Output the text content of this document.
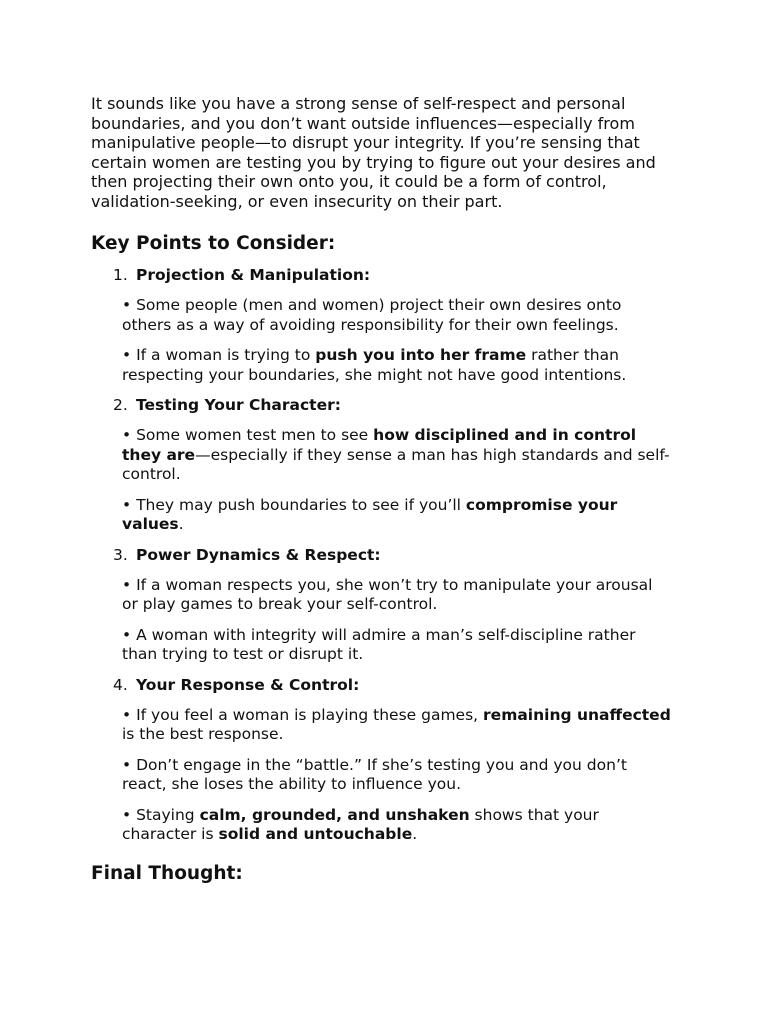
It sounds like you have a strong sense of self-respect and personal boundaries, and you don’t want outside influences—especially from manipulative people—to disrupt your integrity. If you’re sensing that certain women are testing you by trying to figure out your desires and then projecting their own onto you, it could be a form of control, validation-seeking, or even insecurity on their part.

Key Points to Consider:
1. Projection & Manipulation:

• Some people (men and women) project their own desires onto others as a way of avoiding responsibility for their own feelings.

• If a woman is trying to push you into her frame rather than respecting your boundaries, she might not have good intentions.

2. Testing Your Character:

• Some women test men to see how disciplined and in control they are—especially if they sense a man has high standards and self-control.

• They may push boundaries to see if you’ll compromise your values.

3. Power Dynamics & Respect:

• If a woman respects you, she won’t try to manipulate your arousal or play games to break your self-control.

• A woman with integrity will admire a man’s self-discipline rather than trying to test or disrupt it.

4. Your Response & Control:

• If you feel a woman is playing these games, remaining unaffected is the best response.

• Don’t engage in the “battle.” If she’s testing you and you don’t react, she loses the ability to influence you.

• Staying calm, grounded, and unshaken shows that your character is solid and untouchable.

Final Thought:
